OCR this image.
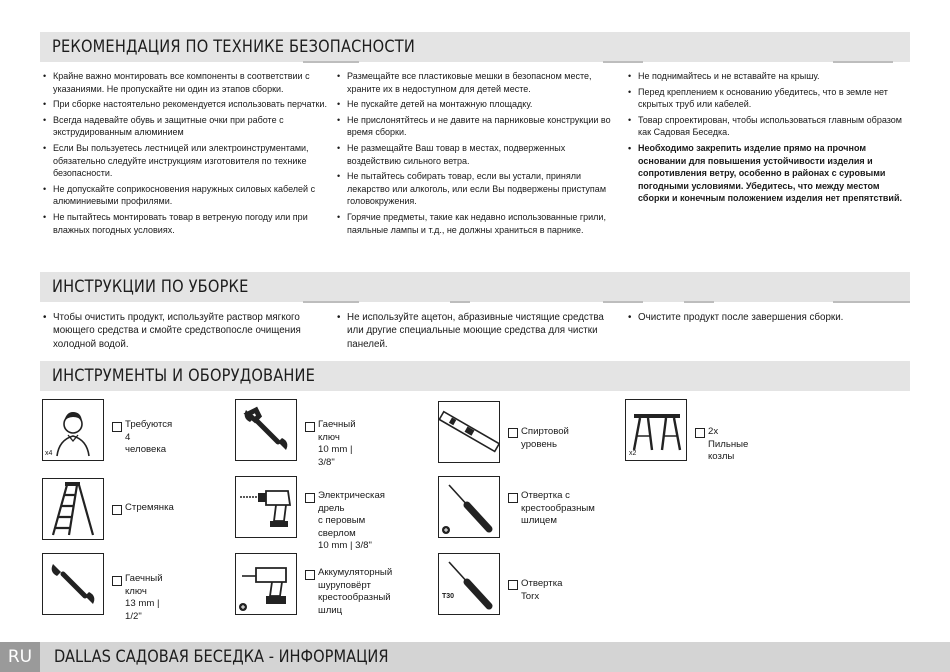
РЕКОМЕНДАЦИЯ ПО ТЕХНИКЕ БЕЗОПАСНОСТИ
• Крайне важно монтировать все компоненты в соответствии с указаниями. Не пропускайте ни один из этапов сборки.
• При сборке настоятельно рекомендуется использовать перчатки.
• Всегда надевайте обувь и защитные очки при работе с экструдированным алюминием
• Если Вы пользуетесь лестницей или электроинструментами, обязательно следуйте инструкциям изготовителя по технике безопасности.
• Не допускайте соприкосновения наружных силовых кабелей с алюминиевыми профилями.
• Не пытайтесь монтировать товар в ветреную погоду или при влажных погодных условиях.
• Размещайте все пластиковые мешки в безопасном месте, храните их в недоступном для детей месте.
• Не пускайте детей на монтажную площадку.
• Не прислонятйтесь и не давите на парниковые конструкции во время сборки.
• Не размещайте Ваш товар в местах, подверженных воздействию сильного ветра.
• Не пытайтесь собирать товар, если вы устали, приняли лекарство или алкоголь, или если Вы подвержены приступам головокружения.
• Горячие предметы, такие как недавно использованные грили, паяльные лампы и т.д., не должны храниться в парнике.
• Не поднимайтесь и не вставайте на крышу.
• Перед креплением к основанию убедитесь, что в земле нет скрытых труб или кабелей.
• Товар спроектирован, чтобы использоваться главным образом как Садовая Беседка.
• Необходимо закрепить изделие прямо на прочном основании для повышения устойчивости изделия и сопротивления ветру, особенно в районах с суровыми погодными условиями. Убедитесь, что между местом сборки и конечным положением изделия нет препятствий.
ИНСТРУКЦИИ ПО УБОРКЕ
• Чтобы очистить продукт, используйте раствор мягкого моющего средства и смойте средствопосле очищения холодной водой.
• Не используйте ацетон, абразивные чистящие средства или другие специальные моющие средства для чистки панелей.
• Очистите продукт после завершения сборки.
ИНСТРУМЕНТЫ И ОБОРУДОВАНИЕ
x4
Требуются 4 человека
Гаечный ключ
10 mm | 3/8"
Спиртовой уровень
x2
2x Пильные козлы
Стремянка
Электрическая дрель
с перовым сверлом
10 mm | 3/8"
Отвертка с
крестообразным
шлицем
Гаечный ключ
13 mm | 1/2"
Аккумуляторный
шуруповёрт
крестообразный шлиц
T30
Отвертка Torx
RU	DALLAS САДОВАЯ БЕСЕДКА - ИНФОРМАЦИЯ
